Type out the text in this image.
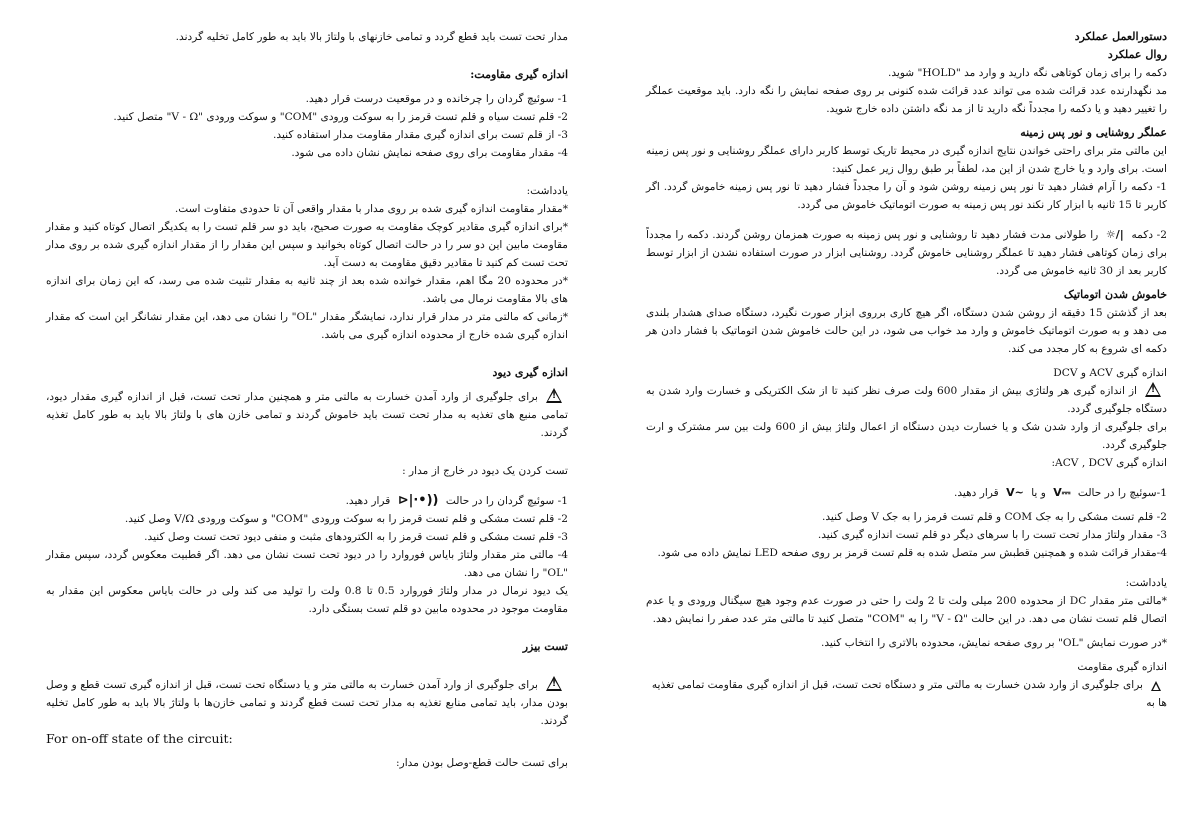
مدار تحت تست باید قطع گردد و تمامی خازنهای با ولتاژ بالا باید به طور کامل تخلیه گردند.

اندازه گیری مقاومت:

1- سوئیچ گردان را چرخانده و در موقعیت درست قرار دهید.

2- قلم تست سیاه و قلم تست قرمز را به سوکت ورودی "COM" و سوکت ورودی "V - Ω" متصل کنید.

3- از قلم تست برای اندازه گیری مقدار مقاومت مدار استفاده کنید.

4- مقدار مقاومت برای روی صفحه نمایش نشان داده می شود.

یادداشت:

*مقدار مقاومت اندازه گیری شده بر روی مدار با مقدار واقعی آن تا حدودی متفاوت است.

*برای اندازه گیری مقادیر کوچک مقاومت به صورت صحیح، باید دو سر قلم تست را به یکدیگر اتصال کوتاه کنید و مقدار مقاومت مابین این دو سر را در حالت اتصال کوتاه بخوانید و سپس این مقدار را از مقدار اندازه گیری شده بر روی مدار تحت تست کم کنید تا مقادیر دقیق مقاومت به دست آید.

*در محدوده 20 مگا اهم، مقدار خوانده شده بعد از چند ثانیه به مقدار تثبیت شده می رسد، که این زمان برای اندازه های بالا مقاومت نرمال می باشد.

*زمانی که مالتی متر در مدار قرار ندارد، نمایشگر مقدار "OL" را نشان می دهد، این مقدار نشانگر این است که مقدار اندازه گیری شده خارج از محدوده اندازه گیری می باشد.

اندازه گیری دیود

!برای جلوگیری از وارد آمدن خسارت به مالتی متر و همچنین مدار تحت تست، قبل از اندازه گیری مقدار دیود، تمامی منبع های تغذیه به مدار تحت تست باید خاموش گردند و تمامی خازن های با ولتاژ بالا باید به طور کامل تغذیه گردند.

تست کردن یک دیود در خارج از مدار :

1- سوئیچ گردان را در حالت ⊳|·•)) قرار دهید.

2- قلم تست مشکی و قلم تست قرمز را به سوکت ورودی "COM" و سوکت ورودی V/Ω وصل کنید.

3- قلم تست مشکی و قلم تست قرمز را به الکترودهای مثبت و منفی دیود تحت تست وصل کنید.

4- مالتی متر مقدار ولتاژ بایاس فوروارد را در دیود تحت تست نشان می دهد. اگر قطبیت معکوس گردد، سپس مقدار "OL" را نشان می دهد.

یک دیود نرمال در مدار ولتاژ فوروارد 0.5 تا 0.8 ولت را تولید می کند ولی در حالت بایاس معکوس این مقدار به مقاومت موجود در محدوده مابین دو قلم تست بستگی دارد.

تست بیزر

!برای جلوگیری از وارد آمدن خسارت به مالتی متر و یا دستگاه تحت تست، قبل از اندازه گیری تست قطع و وصل بودن مدار، باید تمامی منابع تغذیه به مدار تحت تست قطع گردند و تمامی خازن‌ها با ولتاژ بالا باید به طور کامل تخلیه گردند.

For on-off state of the circuit:

برای تست حالت قطع-وصل بودن مدار:

دستورالعمل عملکرد

روال عملکرد

دکمه را برای زمان کوتاهی نگه دارید و وارد مد "HOLD" شوید.

مد نگهدارنده عدد قرائت شده می تواند عدد قرائت شده کنونی بر روی صفحه نمایش را نگه دارد. باید موقعیت عملگر را تغییر دهید و یا دکمه را مجدداً نگه دارید تا از مد نگه داشتن داده خارج شوید.

عملگر روشنایی و نور پس زمینه

این مالتی متر برای راحتی خواندن نتایج اندازه گیری در محیط تاریک توسط کاربر دارای عملگر روشنایی و نور پس زمینه است. برای وارد و یا خارج شدن از این مد، لطفاً بر طبق روال زیر عمل کنید:

1- دکمه را آرام فشار دهید تا نور پس زمینه روشن شود و آن را مجدداً فشار دهید تا نور پس زمینه خاموش گردد. اگر کاربر تا 15 ثانیه با ابزار کار نکند نور پس زمینه به صورت اتوماتیک خاموش می گردد.

2- دکمه ☼/| را طولانی مدت فشار دهید تا روشنایی و نور پس زمینه به صورت همزمان روشن گردند. دکمه را مجدداً برای زمان کوتاهی فشار دهید تا عملگر روشنایی خاموش گردد. روشنایی ابزار در صورت استفاده نشدن از ابزار توسط کاربر بعد از 30 ثانیه خاموش می گردد.

خاموش شدن اتوماتیک

بعد از گذشتن 15 دقیقه از روشن شدن دستگاه، اگر هیچ کاری برروی ابزار صورت نگیرد، دستگاه صدای هشدار بلندی می دهد و به صورت اتوماتیک خاموش و وارد مد خواب می شود، در این حالت خاموش شدن اتوماتیک با فشار دادن هر دکمه ای شروع به کار مجدد می کند.

اندازه گیری ACV و DCV

!از اندازه گیری هر ولتاژی بیش از مقدار 600 ولت صرف نظر کنید تا از شک الکتریکی و خسارت وارد شدن به دستگاه جلوگیری گردد.

برای جلوگیری از وارد شدن شک و یا خسارت دیدن دستگاه از اعمال ولتاژ بیش از 600 ولت بین سر مشترک و ارت جلوگیری گردد.

اندازه گیری ACV , DCV:

1-سوئیچ را در حالت V⎓ و یا V~ قرار دهید.

2- قلم تست مشکی را به جک COM و قلم تست قرمز را به جک V وصل کنید.

3- مقدار ولتاژ مدار تحت تست را با سرهای دیگر دو قلم تست اندازه گیری کنید.

4-مقدار قرائت شده و همچنین قطبش سر متصل شده به قلم تست قرمز بر روی صفحه LED نمایش داده می شود.

یادداشت:

*مالتی متر مقدار DC از محدوده 200 میلی ولت تا 2 ولت را حتی در صورت عدم وجود هیچ سیگنال ورودی و یا عدم اتصال قلم تست نشان می دهد. در این حالت "V - Ω" را به "COM" متصل کنید تا مالتی متر عدد صفر را نمایش دهد.

*در صورت نمایش "OL" بر روی صفحه نمایش، محدوده بالاتری را انتخاب کنید.

اندازه گیری مقاومت

برای جلوگیری از وارد شدن خسارت به مالتی متر و دستگاه تحت تست، قبل از اندازه گیری مقاومت تمامی تغذیه ها به
